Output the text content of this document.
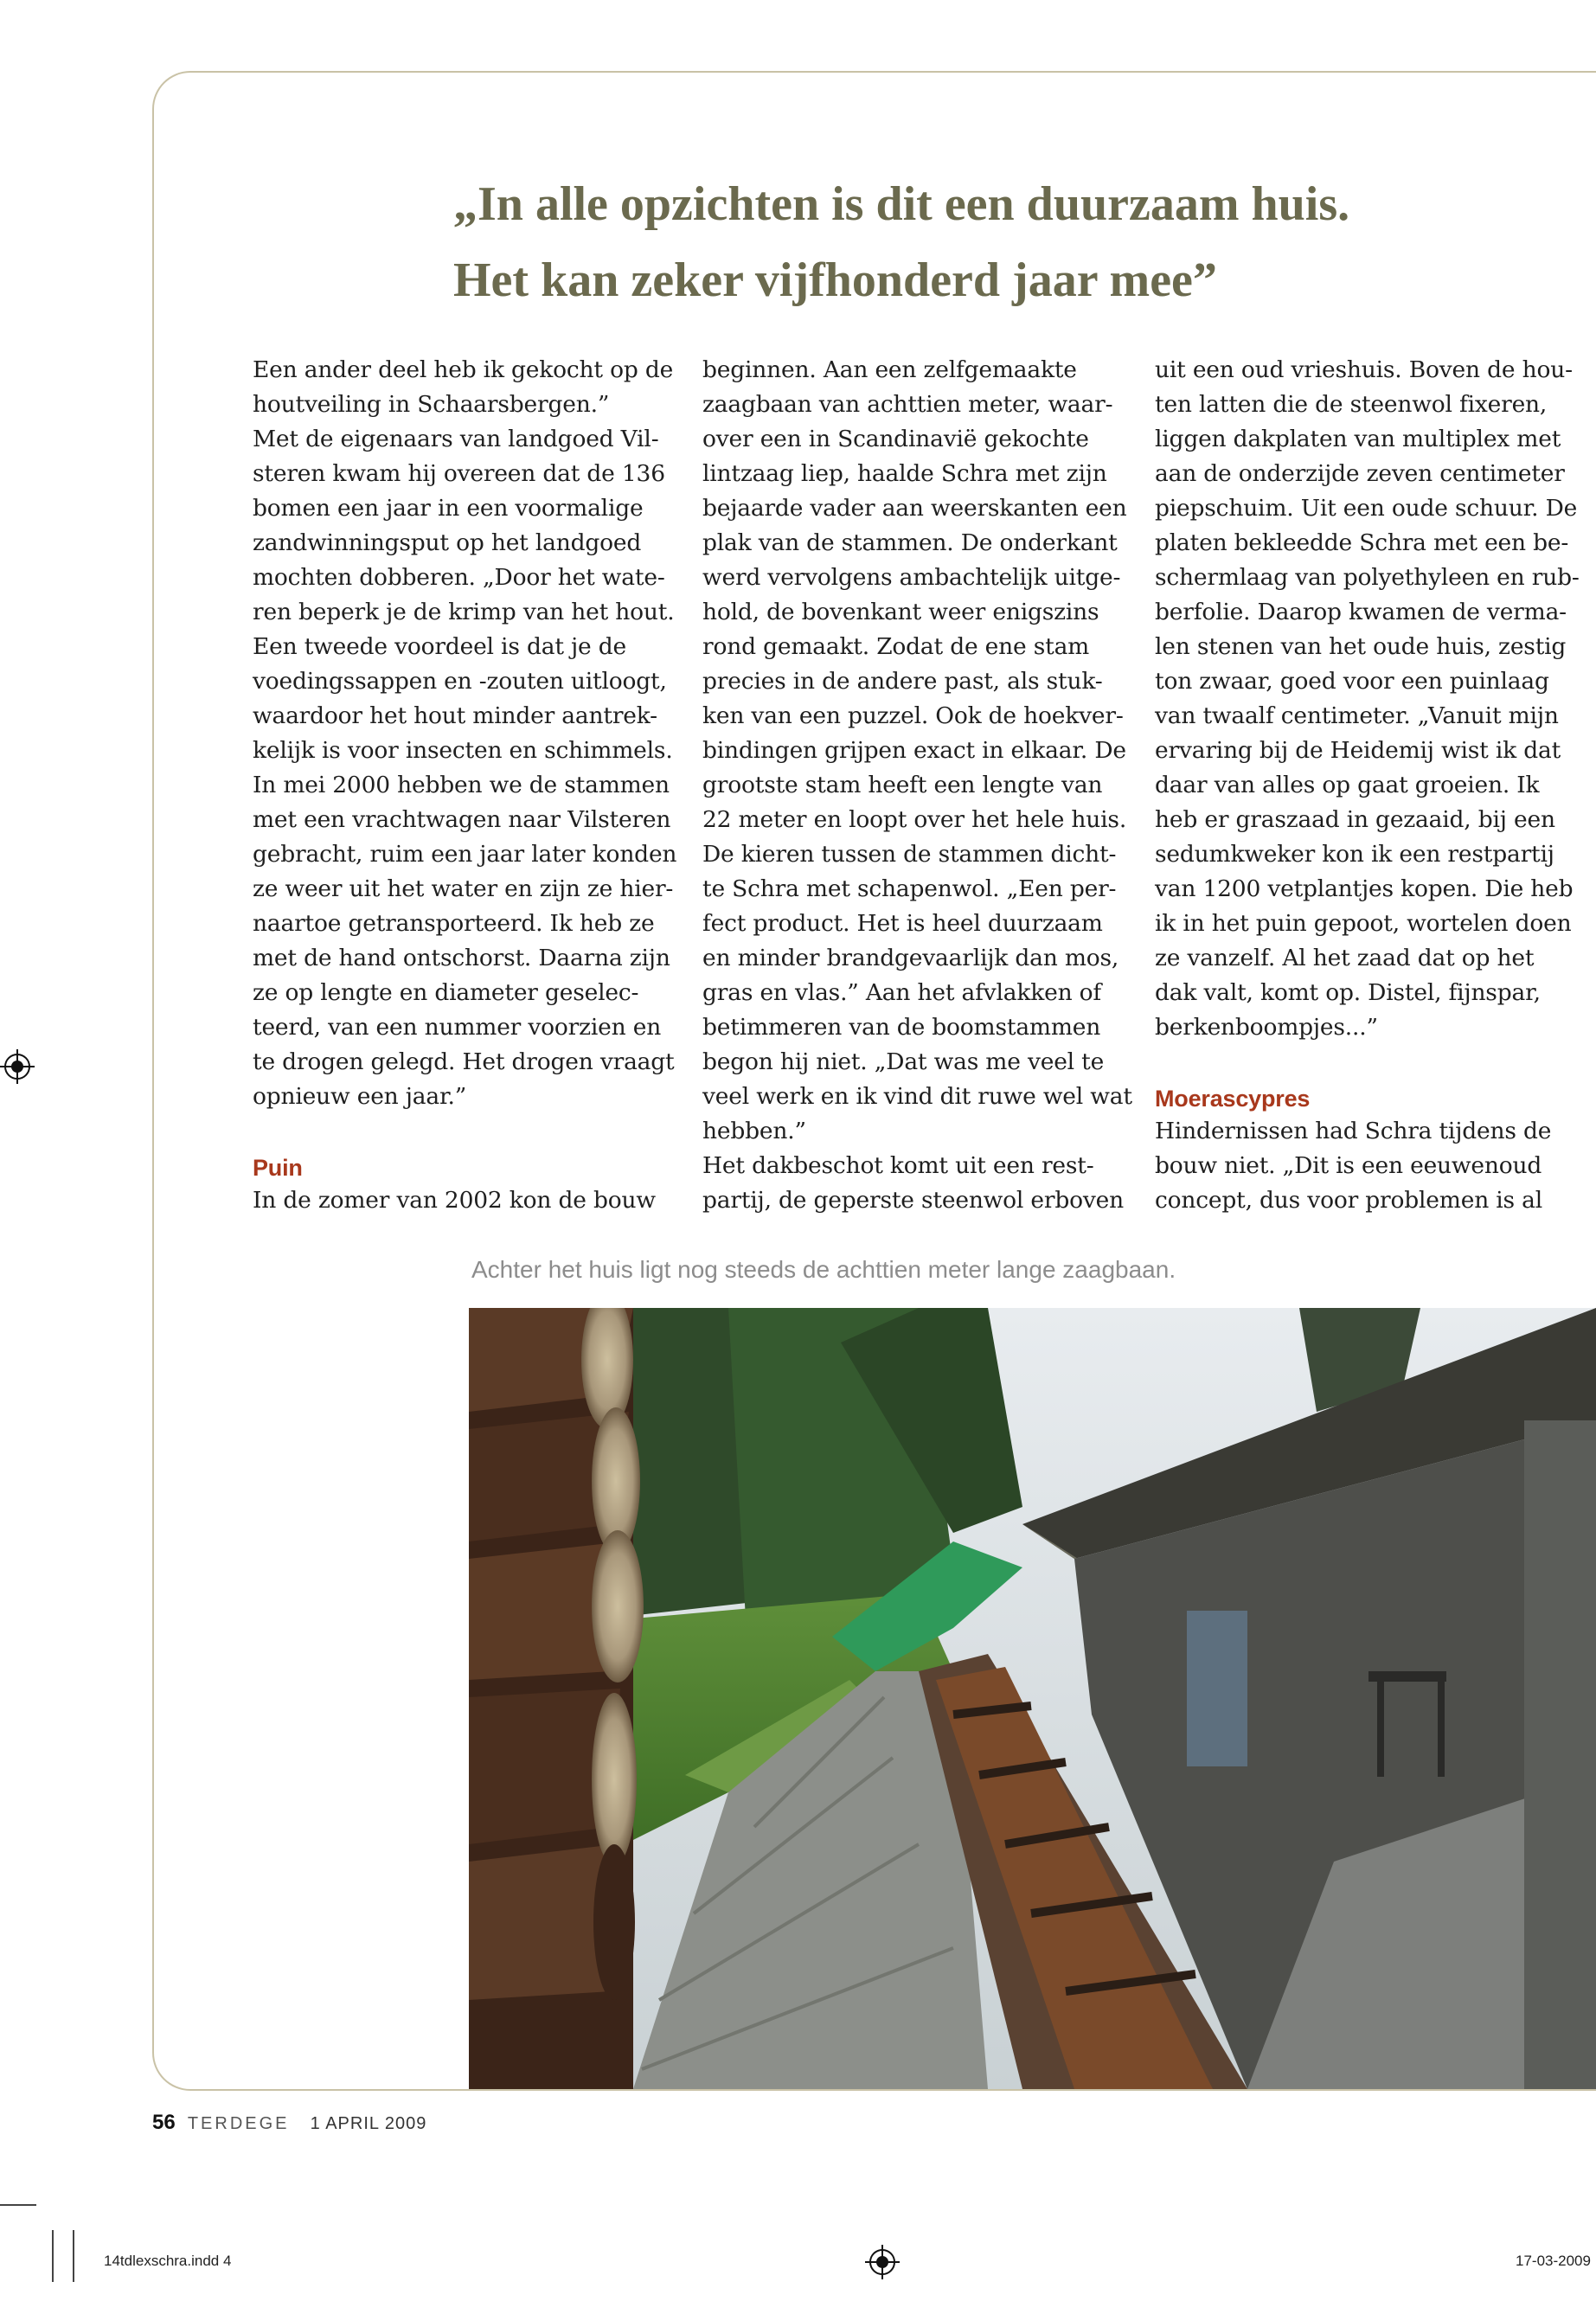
„In alle opzichten is dit een duurzaam huis.
Het kan zeker vijfhonderd jaar mee”
Een ander deel heb ik gekocht op de
houtveiling in Schaarsbergen.”
Met de eigenaars van landgoed Vil-
steren kwam hij overeen dat de 136
bomen een jaar in een voormalige
zandwinningsput op het landgoed
mochten dobberen. „Door het wate-
ren beperk je de krimp van het hout.
Een tweede voordeel is dat je de
voedingssappen en -zouten uitloogt,
waardoor het hout minder aantrek-
kelijk is voor insecten en schimmels.
In mei 2000 hebben we de stammen
met een vrachtwagen naar Vilsteren
gebracht, ruim een jaar later konden
ze weer uit het water en zijn ze hier-
naartoe getransporteerd. Ik heb ze
met de hand ontschorst. Daarna zijn
ze op lengte en diameter geselec-
teerd, van een nummer voorzien en
te drogen gelegd. Het drogen vraagt
opnieuw een jaar.”
Puin
In de zomer van 2002 kon de bouw
beginnen. Aan een zelfgemaakte
zaagbaan van achttien meter, waar-
over een in Scandinavië gekochte
lintzaag liep, haalde Schra met zijn
bejaarde vader aan weerskanten een
plak van de stammen. De onderkant
werd vervolgens ambachtelijk uitge-
hold, de bovenkant weer enigszins
rond gemaakt. Zodat de ene stam
precies in de andere past, als stuk-
ken van een puzzel. Ook de hoekver-
bindingen grijpen exact in elkaar. De
grootste stam heeft een lengte van
22 meter en loopt over het hele huis.
De kieren tussen de stammen dicht-
te Schra met schapenwol. „Een per-
fect product. Het is heel duurzaam
en minder brandgevaarlijk dan mos,
gras en vlas.” Aan het afvlakken of
betimmeren van de boomstammen
begon hij niet. „Dat was me veel te
veel werk en ik vind dit ruwe wel wat
hebben.”
Het dakbeschot komt uit een rest-
partij, de geperste steenwol erboven
uit een oud vrieshuis. Boven de hou-
ten latten die de steenwol fixeren,
liggen dakplaten van multiplex met
aan de onderzijde zeven centimeter
piepschuim. Uit een oude schuur. De
platen bekleedde Schra met een be-
schermlaag van polyethyleen en rub-
berfolie. Daarop kwamen de verma-
len stenen van het oude huis, zestig
ton zwaar, goed voor een puinlaag
van twaalf centimeter. „Vanuit mijn
ervaring bij de Heidemij wist ik dat
daar van alles op gaat groeien. Ik
heb er graszaad in gezaaid, bij een
sedumkweker kon ik een restpartij
van 1200 vetplantjes kopen. Die heb
ik in het puin gepoot, wortelen doen
ze vanzelf. Al het zaad dat op het
dak valt, komt op. Distel, fijnspar,
berkenboompjes...”
Moerascypres
Hindernissen had Schra tijdens de
bouw niet. „Dit is een eeuwenoud
concept, dus voor problemen is al
Achter het huis ligt nog steeds de achttien meter lange zaagbaan.
56 TERDEGE 1 APRIL 2009
14tdlexschra.indd 4	17-03-2009
